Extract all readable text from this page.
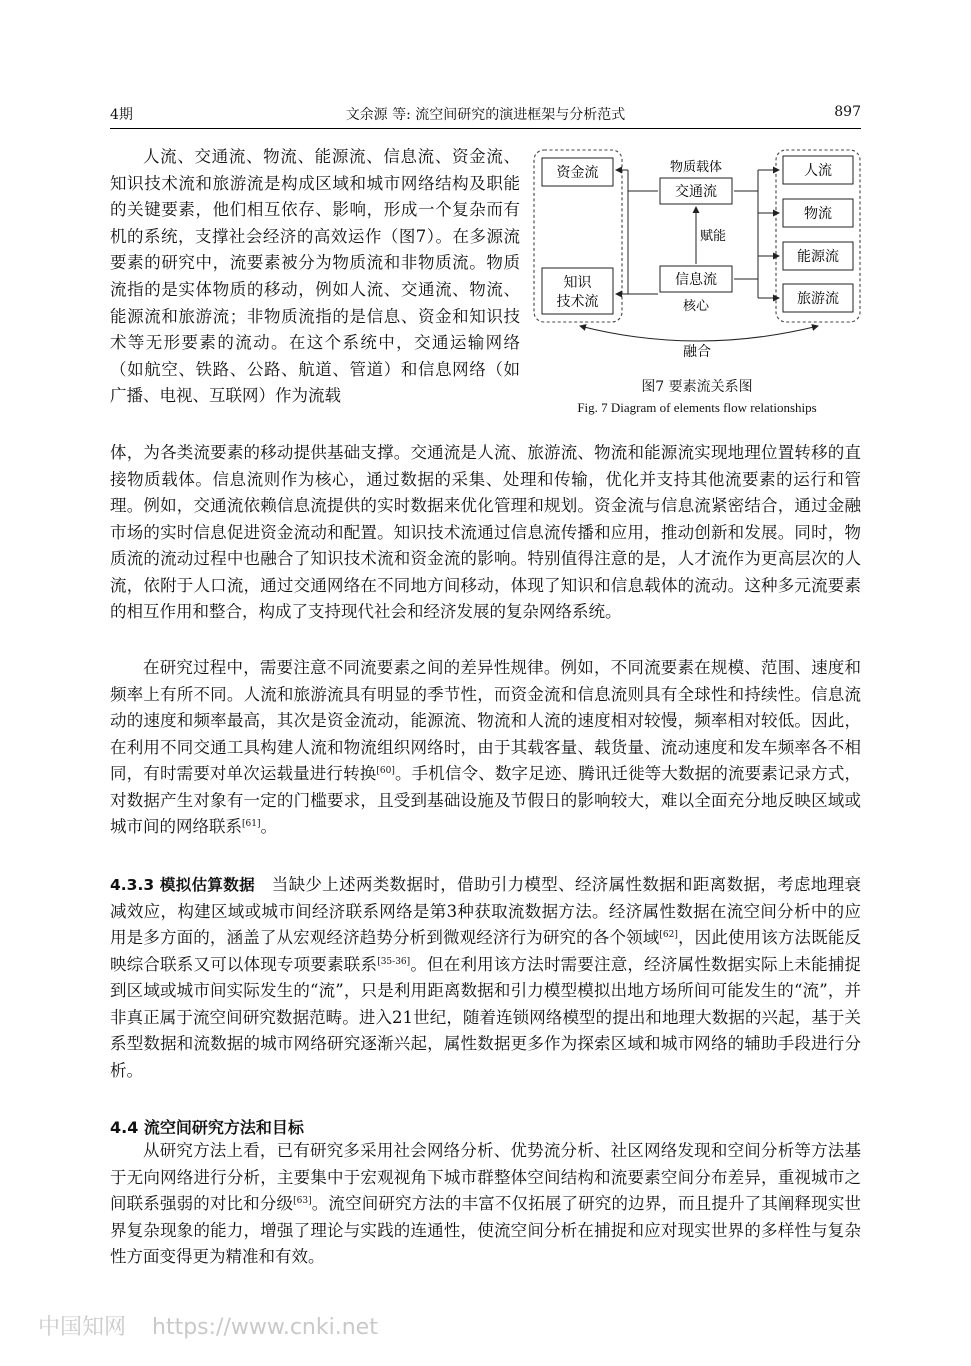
4期	文余源 等: 流空间研究的演进框架与分析范式	897
人流、交通流、物流、能源流、信息流、资金流、知识技术流和旅游流是构成区域和城市网络结构及职能的关键要素，他们相互依存、影响，形成一个复杂而有机的系统，支撑社会经济的高效运作（图7）。在多源流要素的研究中，流要素被分为物质流和非物质流。物质流指的是实体物质的移动，例如人流、交通流、物流、能源流和旅游流；非物质流指的是信息、资金和知识技术等无形要素的流动。在这个系统中，交通运输网络（如航空、铁路、公路、航道、管道）和信息网络（如广播、电视、互联网）作为流载
资金流
知识
技术流
物质载体
交通流
赋能
信息流
核心
人流
物流
能源流
旅游流
融合
图7 要素流关系图
Fig. 7 Diagram of elements flow relationships
体，为各类流要素的移动提供基础支撑。交通流是人流、旅游流、物流和能源流实现地理位置转移的直接物质载体。信息流则作为核心，通过数据的采集、处理和传输，优化并支持其他流要素的运行和管理。例如，交通流依赖信息流提供的实时数据来优化管理和规划。资金流与信息流紧密结合，通过金融市场的实时信息促进资金流动和配置。知识技术流通过信息流传播和应用，推动创新和发展。同时，物质流的流动过程中也融合了知识技术流和资金流的影响。特别值得注意的是，人才流作为更高层次的人流，依附于人口流，通过交通网络在不同地方间移动，体现了知识和信息载体的流动。这种多元流要素的相互作用和整合，构成了支持现代社会和经济发展的复杂网络系统。
在研究过程中，需要注意不同流要素之间的差异性规律。例如，不同流要素在规模、范围、速度和频率上有所不同。人流和旅游流具有明显的季节性，而资金流和信息流则具有全球性和持续性。信息流动的速度和频率最高，其次是资金流动，能源流、物流和人流的速度相对较慢，频率相对较低。因此，在利用不同交通工具构建人流和物流组织网络时，由于其载客量、载货量、流动速度和发车频率各不相同，有时需要对单次运载量进行转换[60]。手机信令、数字足迹、腾讯迁徙等大数据的流要素记录方式，对数据产生对象有一定的门槛要求，且受到基础设施及节假日的影响较大，难以全面充分地反映区域或城市间的网络联系[61]。
4.3.3 模拟估算数据 当缺少上述两类数据时，借助引力模型、经济属性数据和距离数据，考虑地理衰减效应，构建区域或城市间经济联系网络是第3种获取流数据方法。经济属性数据在流空间分析中的应用是多方面的，涵盖了从宏观经济趋势分析到微观经济行为研究的各个领域[62]，因此使用该方法既能反映综合联系又可以体现专项要素联系[35-36]。但在利用该方法时需要注意，经济属性数据实际上未能捕捉到区域或城市间实际发生的“流”，只是利用距离数据和引力模型模拟出地方场所间可能发生的“流”，并非真正属于流空间研究数据范畴。进入21世纪，随着连锁网络模型的提出和地理大数据的兴起，基于关系型数据和流数据的城市网络研究逐渐兴起，属性数据更多作为探索区域和城市网络的辅助手段进行分析。
4.4 流空间研究方法和目标
从研究方法上看，已有研究多采用社会网络分析、优势流分析、社区网络发现和空间分析等方法基于无向网络进行分析，主要集中于宏观视角下城市群整体空间结构和流要素空间分布差异，重视城市之间联系强弱的对比和分级[63]。流空间研究方法的丰富不仅拓展了研究的边界，而且提升了其阐释现实世界复杂现象的能力，增强了理论与实践的连通性，使流空间分析在捕捉和应对现实世界的多样性与复杂性方面变得更为精准和有效。
中国知网 https://www.cnki.net
